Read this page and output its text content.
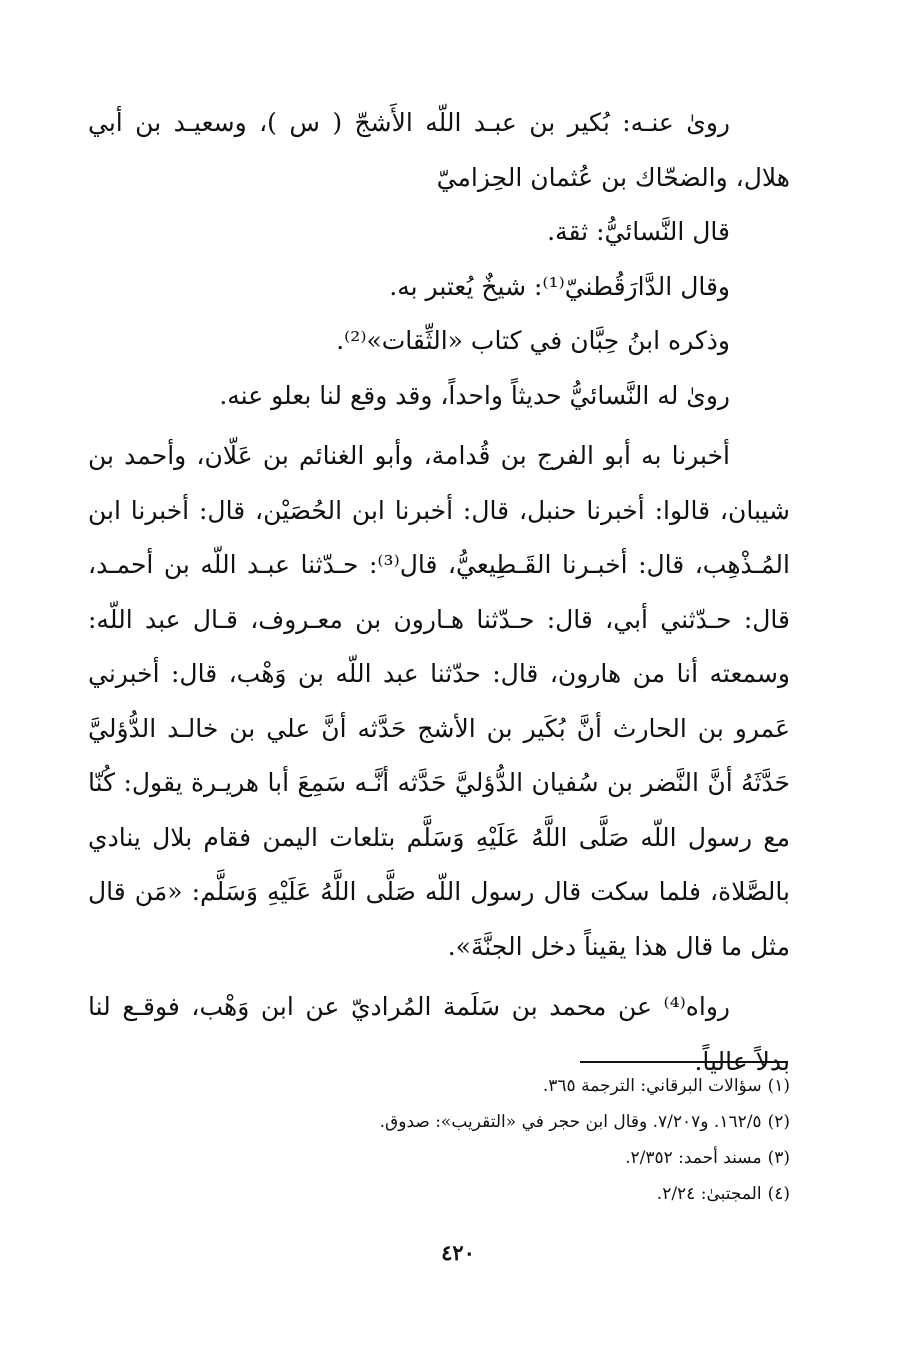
رویٰ عنـه: بُكير بن عبـد اللّه الأَشجّ ( س )، وسعيـد بن أبي هلال، والضحّاك بن عُثمان الحِزاميّ

قال النَّسائيُّ: ثقة.

وقال الدَّارَقُطنيّ⁽¹⁾: شيخٌ يُعتبر به.

وذكره ابنُ حِبَّان في كتاب «الثِّقات»⁽²⁾.

رویٰ له النَّسائيُّ حديثاً واحداً، وقد وقع لنا بعلو عنه.

أخبرنا به أبو الفرج بن قُدامة، وأبو الغنائم بن عَلّان، وأحمد بن شيبان، قالوا: أخبرنا حنبل، قال: أخبرنا ابن الحُصَيْن، قال: أخبرنا ابن المُـذْهِب، قال: أخبـرنا القَـطِيعيُّ، قال⁽³⁾: حـدّثنا عبـد اللّه بن أحمـد، قال: حـدّثني أبي، قال: حـدّثنا هـارون بن معـروف، قـال عبد اللّه: وسمعته أنا من هارون، قال: حدّثنا عبد اللّه بن وَهْب، قال: أخبرني عَمرو بن الحارث أنَّ بُكَير بن الأشج حَدَّثه أنَّ علي بن خالـد الدُّؤليَّ حَدَّثَهُ أنَّ النَّضر بن سُفيان الدُّؤليَّ حَدَّثه أنَّـه سَمِعَ أبا هريـرة يقول: كُنّا مع رسول اللّه صَلَّى اللَّهُ عَلَيْهِ وَسَلَّم بتلعات اليمن فقام بلال ينادي بالصَّلاة، فلما سكت قال رسول اللّه صَلَّى اللَّهُ عَلَيْهِ وَسَلَّم: «مَن قال مثل ما قال هذا يقيناً دخل الجنَّةَ».

رواه⁽⁴⁾ عن محمد بن سَلَمة المُراديّ عن ابن وَهْب، فوقـع لنا بدلاً عالياً.

(١)سؤالات البرقاني: الترجمة ٣٦٥.

(٢)١٦٢/٥. و٧/٢٠٧. وقال ابن حجر في «التقريب»: صدوق.

(٣)مسند أحمد: ٢/٣٥٢.

(٤)المجتبىٰ: ٢/٢٤.

٤٢٠
